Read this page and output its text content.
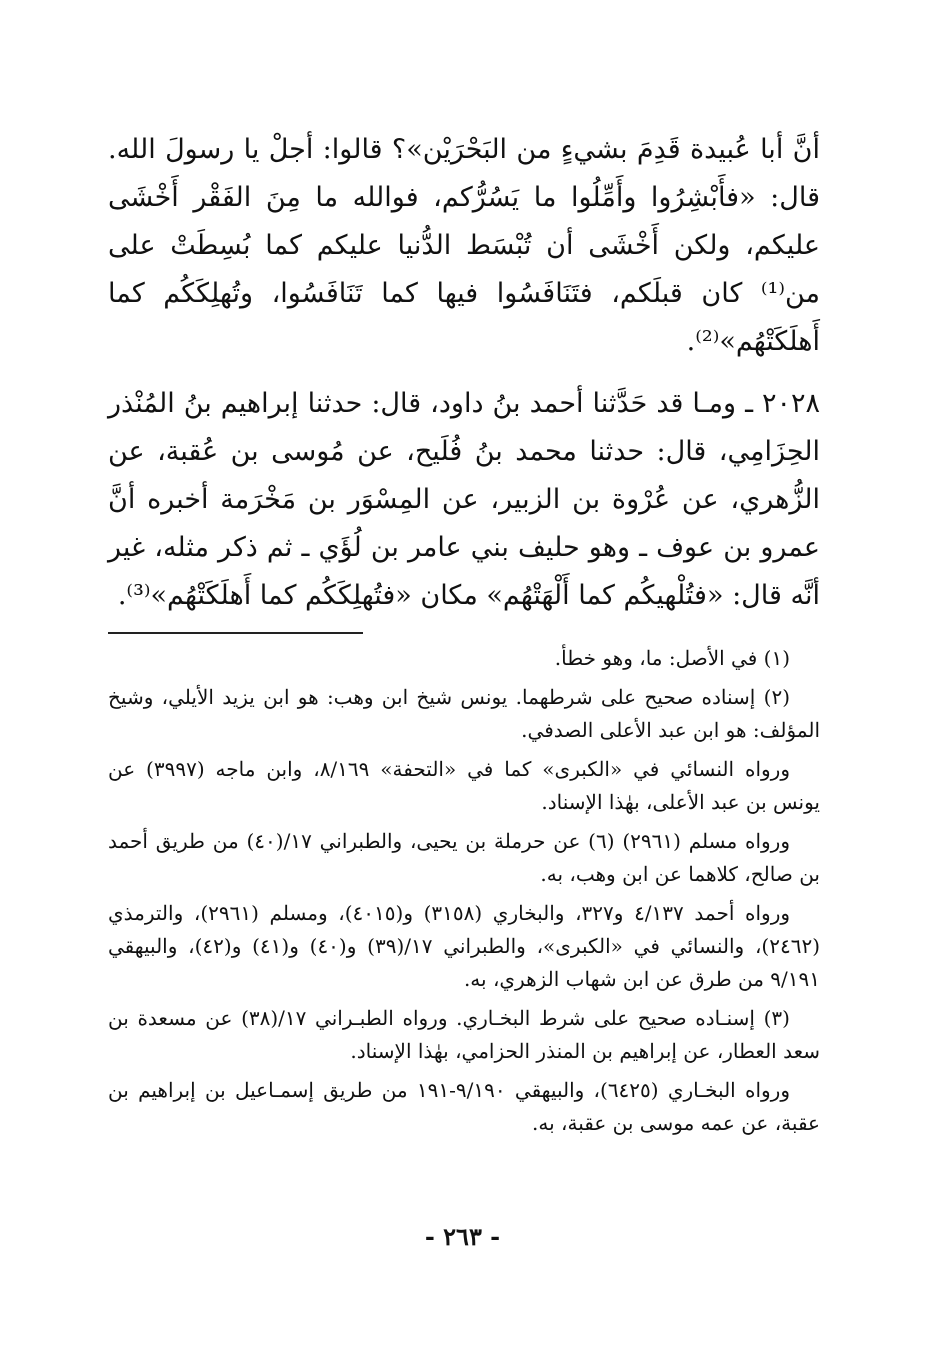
أنَّ أبا عُبيدة قَدِمَ بشيءٍ من البَحْرَيْن»؟ قالوا: أجلْ يا رسولَ الله. قال: «فأَبْشِرُوا وأَمِّلُوا ما يَسُرُّكم، فوالله ما مِنَ الفَقْر أَخْشَى عليكم، ولكن أَخْشَى أن تُبْسَط الدُّنيا عليكم كما بُسِطَتْ على من⁽¹⁾ كان قبلَكم، فتَنَافَسُوا فيها كما تَنَافَسُوا، وتُهلِكَكُم كما أَهلَكَتْهُم»⁽²⁾.

٢٠٢٨ ـ ومـا قد حَدَّثنا أحمد بنُ داود، قال: حدثنا إبراهيم بنُ المُنْذر الحِزَامِي، قال: حدثنا محمد بنُ فُلَيح، عن مُوسى بن عُقبة، عن الزُّهري، عن عُرْوة بن الزبير، عن المِسْوَر بن مَخْرَمة أخبره أنَّ عمرو بن عوف ـ وهو حليف بني عامر بن لُؤَي ـ ثم ذكر مثله، غير أنَّه قال: «فتُلْهيكُم كما أَلْهَتْهُم» مكان «فتُهلِكَكُم كما أَهلَكَتْهُم»⁽³⁾.

(١) في الأصل: ما، وهو خطأ.

(٢) إسناده صحيح على شرطهما. يونس شيخ ابن وهب: هو ابن يزيد الأيلي، وشيخ المؤلف: هو ابن عبد الأعلى الصدفي.

ورواه النسائي في «الكبرى» كما في «التحفة» ٨/١٦٩، وابن ماجه (٣٩٩٧) عن يونس بن عبد الأعلى، بهٰذا الإسناد.

ورواه مسلم (٢٩٦١) (٦) عن حرملة بن يحيى، والطبراني ١٧/(٤٠) من طريق أحمد بن صالح، كلاهما عن ابن وهب، به.

ورواه أحمد ٤/١٣٧ و٣٢٧، والبخاري (٣١٥٨) و(٤٠١٥)، ومسلم (٢٩٦١)، والترمذي (٢٤٦٢)، والنسائي في «الكبرى»، والطبراني ١٧/(٣٩) و(٤٠) و(٤١) و(٤٢)، والبيهقي ٩/١٩١ من طرق عن ابن شهاب الزهري، به.

(٣) إسنـاده صحيح على شرط البخـاري. ورواه الطبـراني ١٧/(٣٨) عن مسعدة بن سعد العطار، عن إبراهيم بن المنذر الحزامي، بهٰذا الإسناد.

ورواه البخـاري (٦٤٢٥)، والبيهقي ٩/١٩٠-١٩١ من طريق إسمـاعيل بن إبراهيم بن عقبة، عن عمه موسى بن عقبة، به.

- ٢٦٣ -
